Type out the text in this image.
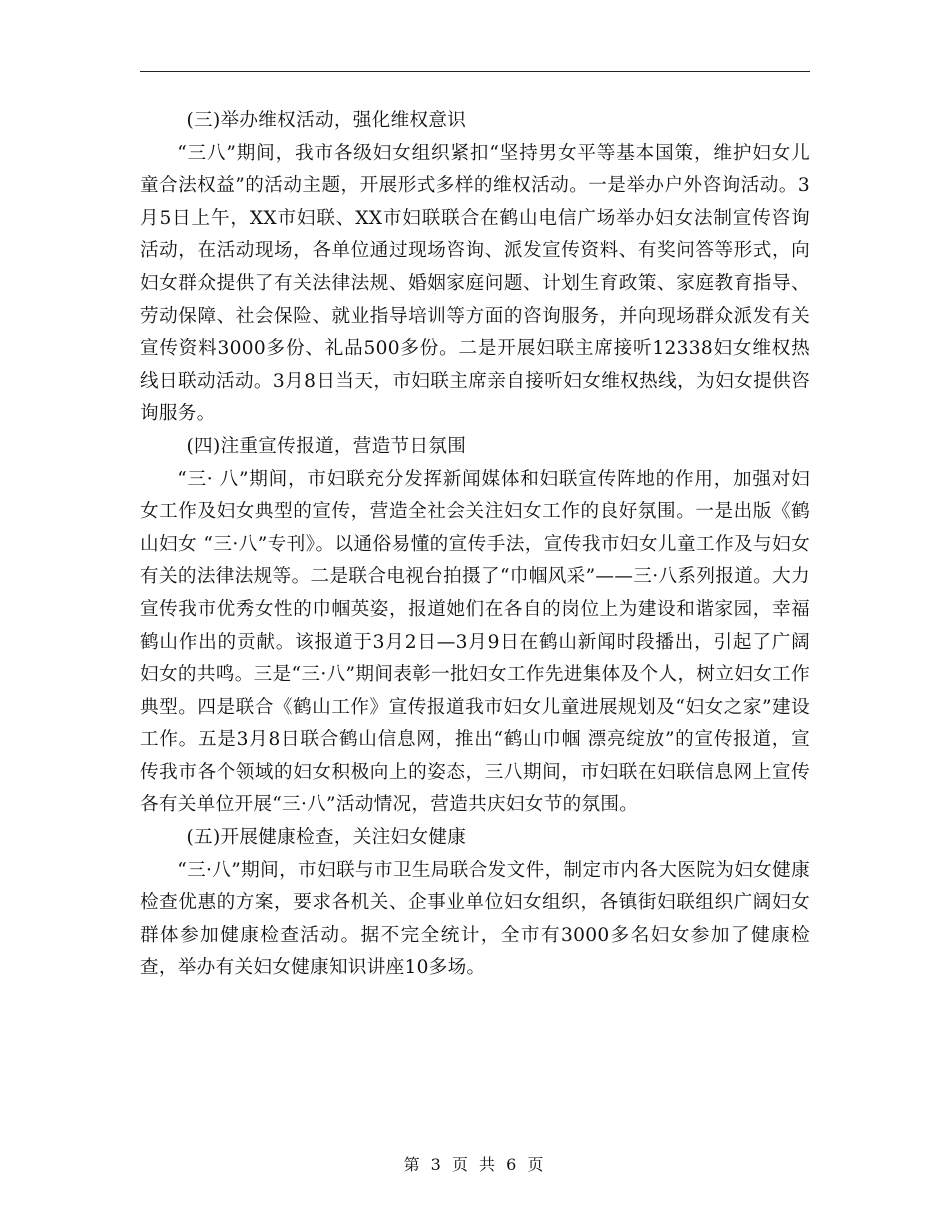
(三)举办维权活动，强化维权意识

“三八”期间，我市各级妇女组织紧扣“坚持男女平等基本国策，维护妇女儿童合法权益”的活动主题，开展形式多样的维权活动。一是举办户外咨询活动。3月5日上午，XX市妇联、XX市妇联联合在鹤山电信广场举办妇女法制宣传咨询活动，在活动现场，各单位通过现场咨询、派发宣传资料、有奖问答等形式，向妇女群众提供了有关法律法规、婚姻家庭问题、计划生育政策、家庭教育指导、劳动保障、社会保险、就业指导培训等方面的咨询服务，并向现场群众派发有关宣传资料3000多份、礼品500多份。二是开展妇联主席接听12338妇女维权热线日联动活动。3月8日当天，市妇联主席亲自接听妇女维权热线，为妇女提供咨询服务。

(四)注重宣传报道，营造节日氛围

“三· 八”期间，市妇联充分发挥新闻媒体和妇联宣传阵地的作用，加强对妇女工作及妇女典型的宣传，营造全社会关注妇女工作的良好氛围。一是出版《鹤山妇女 “三·八”专刊》。以通俗易懂的宣传手法，宣传我市妇女儿童工作及与妇女有关的法律法规等。二是联合电视台拍摄了“巾帼风采”——三·八系列报道。大力宣传我市优秀女性的巾帼英姿，报道她们在各自的岗位上为建设和谐家园，幸福鹤山作出的贡献。该报道于3月2日—3月9日在鹤山新闻时段播出，引起了广阔妇女的共鸣。三是“三·八”期间表彰一批妇女工作先进集体及个人，树立妇女工作典型。四是联合《鹤山工作》宣传报道我市妇女儿童进展规划及“妇女之家”建设工作。五是3月8日联合鹤山信息网，推出“鹤山巾帼 漂亮绽放”的宣传报道，宣传我市各个领域的妇女积极向上的姿态，三八期间，市妇联在妇联信息网上宣传各有关单位开展“三·八”活动情况，营造共庆妇女节的氛围。

(五)开展健康检查，关注妇女健康

“三·八”期间，市妇联与市卫生局联合发文件，制定市内各大医院为妇女健康检查优惠的方案，要求各机关、企事业单位妇女组织，各镇街妇联组织广阔妇女群体参加健康检查活动。据不完全统计，全市有3000多名妇女参加了健康检查，举办有关妇女健康知识讲座10多场。

第 3 页 共 6 页
